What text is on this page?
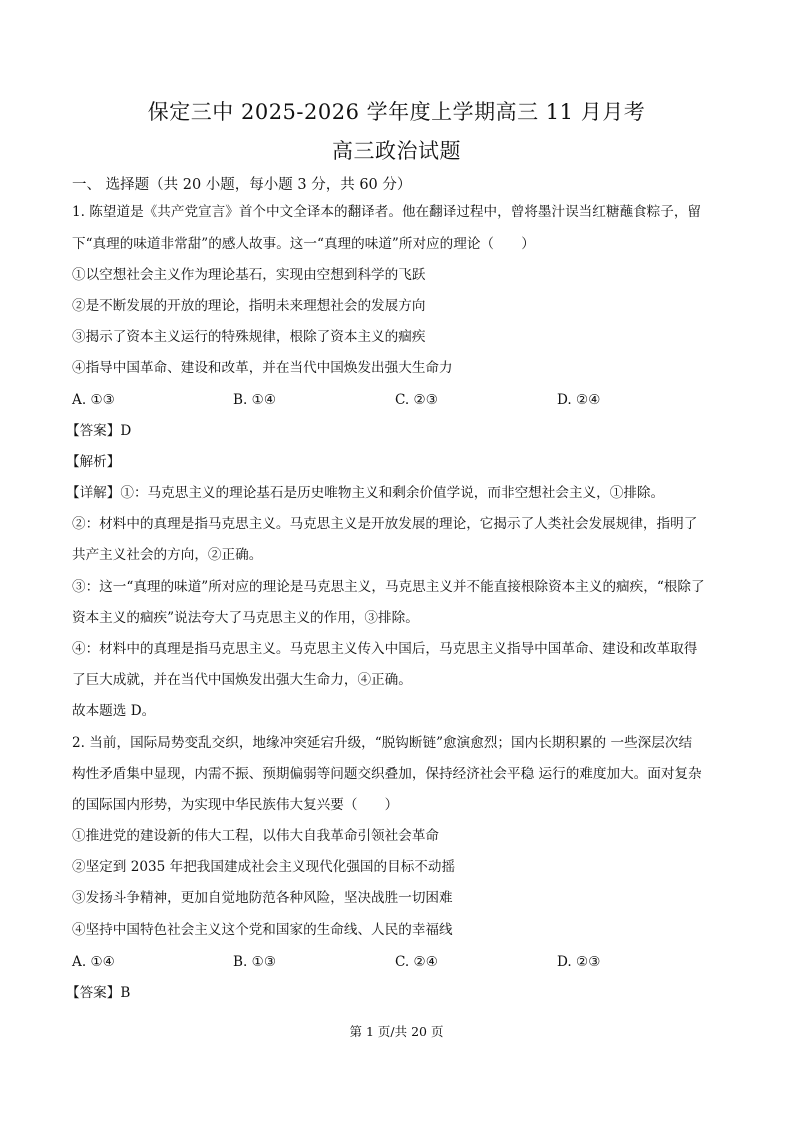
保定三中 2025-2026 学年度上学期高三 11 月月考
高三政治试题
一、 选择题（共 20 小题，每小题 3 分，共 60 分）
1. 陈望道是《共产党宣言》首个中文全译本的翻译者。他在翻译过程中，曾将墨汁误当红糖蘸食粽子，留
下“真理的味道非常甜”的感人故事。这一“真理的味道”所对应的理论（　　）
①以空想社会主义作为理论基石，实现由空想到科学的飞跃
②是不断发展的开放的理论，指明未来理想社会的发展方向
③揭示了资本主义运行的特殊规律，根除了资本主义的痼疾
④指导中国革命、建设和改革，并在当代中国焕发出强大生命力
A. ①③	B. ①④	C. ②③	D. ②④
【答案】D
【解析】
【详解】①：马克思主义的理论基石是历史唯物主义和剩余价值学说，而非空想社会主义，①排除。
②：材料中的真理是指马克思主义。马克思主义是开放发展的理论，它揭示了人类社会发展规律，指明了
共产主义社会的方向，②正确。
③：这一“真理的味道”所对应的理论是马克思主义，马克思主义并不能直接根除资本主义的痼疾，“根除了
资本主义的痼疾”说法夸大了马克思主义的作用，③排除。
④：材料中的真理是指马克思主义。马克思主义传入中国后，马克思主义指导中国革命、建设和改革取得
了巨大成就，并在当代中国焕发出强大生命力，④正确。
故本题选 D。
2. 当前，国际局势变乱交织，地缘冲突延宕升级，“脱钩断链”愈演愈烈；国内长期积累的 一些深层次结
构性矛盾集中显现，内需不振、预期偏弱等问题交织叠加，保持经济社会平稳 运行的难度加大。面对复杂
的国际国内形势，为实现中华民族伟大复兴要（　　）
①推进党的建设新的伟大工程，以伟大自我革命引领社会革命
②坚定到 2035 年把我国建成社会主义现代化强国的目标不动摇
③发扬斗争精神，更加自觉地防范各种风险，坚决战胜一切困难
④坚持中国特色社会主义这个党和国家的生命线、人民的幸福线
A. ①④	B. ①③	C. ②④	D. ②③
【答案】B
第 1 页/共 20 页
